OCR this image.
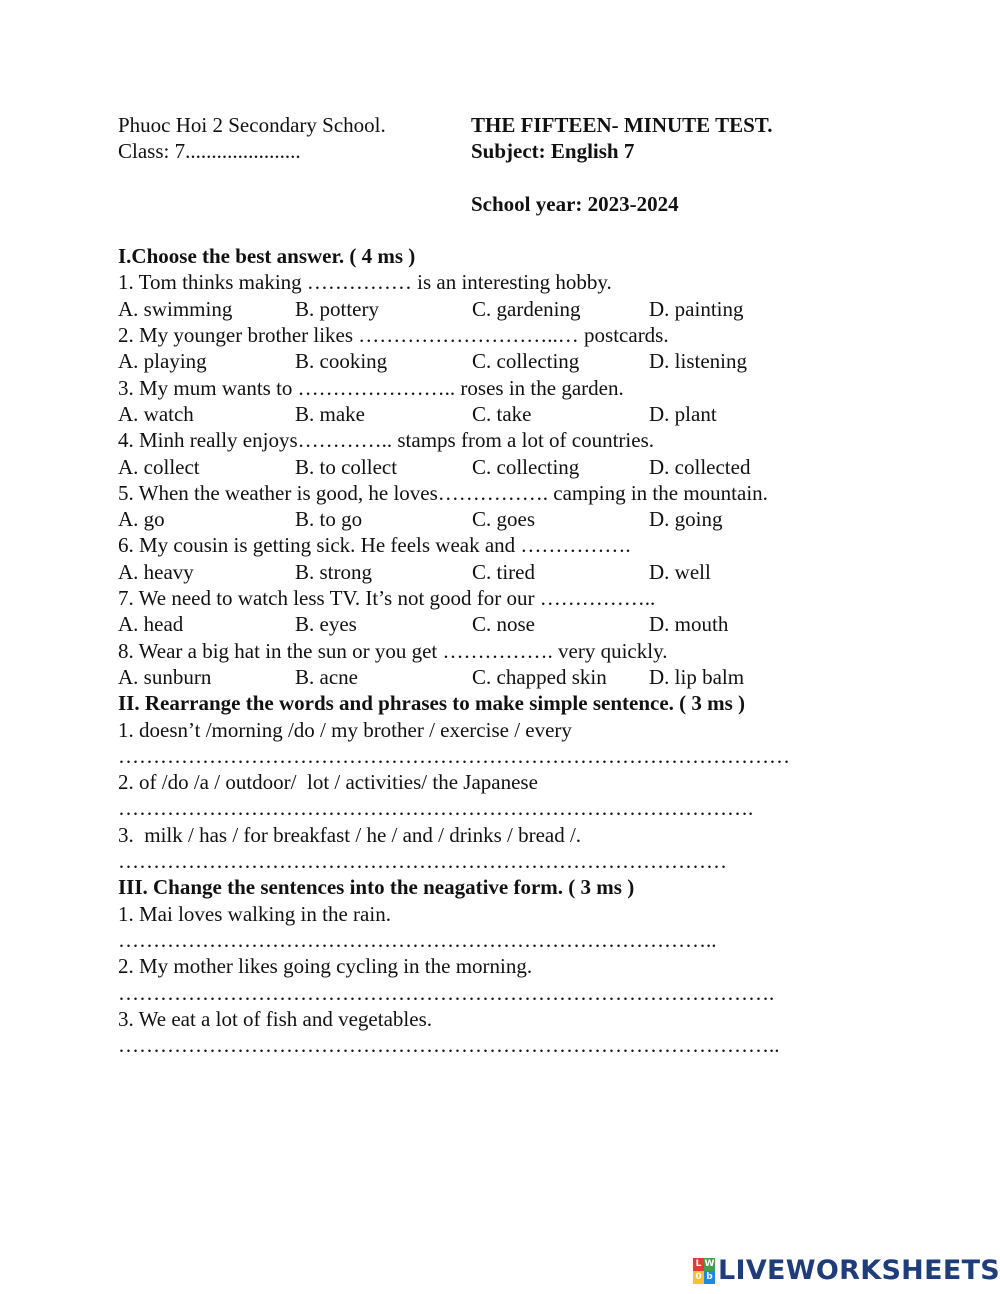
Phuoc Hoi 2 Secondary School.	THE FIFTEEN- MINUTE TEST.
Class: 7......................	Subject: English 7

School year: 2023-2024
I.Choose the best answer. ( 4 ms )
1. Tom thinks making …………… is an interesting hobby.
A. swimming	B. pottery	C. gardening	D. painting
2. My younger brother likes ………………………..… postcards.
A. playing	B. cooking	C. collecting	D. listening
3. My mum wants to ………………….. roses in the garden.
A. watch	B. make	C. take	D. plant
4. Minh really enjoys………….. stamps from a lot of countries.
A. collect	B. to collect	C. collecting	D. collected
5. When the weather is good, he loves……………. camping in the mountain.
A. go	B. to go	C. goes	D. going
6. My cousin is getting sick. He feels weak and …………….
A. heavy	B. strong	C. tired	D. well
7. We need to watch less TV. It’s not good for our ……………..
A. head	B. eyes	C. nose	D. mouth
8. Wear a big hat in the sun or you get ……………. very quickly.
A. sunburn	B. acne	C. chapped skin	D. lip balm
II. Rearrange the words and phrases to make simple sentence. ( 3 ms )
1. doesn’t /morning /do / my brother / exercise / every
……………………………………………………………………………………
2. of /do /a / outdoor/  lot / activities/ the Japanese
……………………………………………………………………………….
3.  milk / has / for breakfast / he / and / drinks / bread /.
……………………………………………………………………………
III. Change the sentences into the neagative form. ( 3 ms )
1. Mai loves walking in the rain.
…………………………………………………………………………..
2. My mother likes going cycling in the morning.
………………………………………………………………………………….
3. We eat a lot of fish and vegetables.
…………………………………………………………………………………..
L W
0 b LIVEWORKSHEETS
